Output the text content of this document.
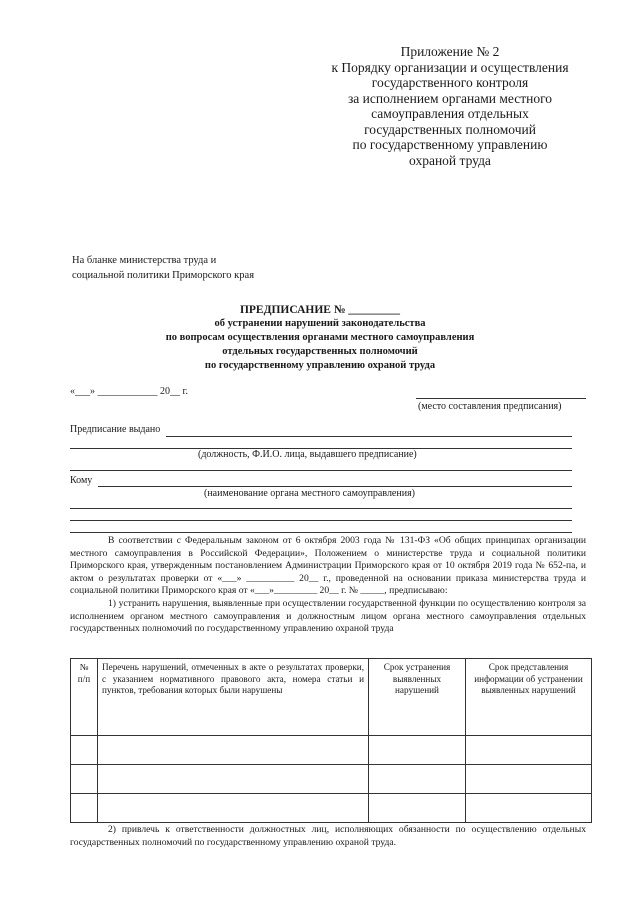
Приложение № 2
к Порядку организации и осуществления
государственного контроля
за исполнением органами местного
самоуправления отдельных
государственных полномочий
по государственному управлению
охраной труда
На бланке министерства труда и
социальной политики Приморского края
ПРЕДПИСАНИЕ № _________
об устранении нарушений законодательства
по вопросам осуществления органами местного самоуправления
отдельных государственных полномочий
по государственному управлению охраной труда
«___» ____________ 20__ г.
(место составления предписания)
Предписание выдано
(должность, Ф.И.О. лица, выдавшего предписание)
Кому
(наименование органа местного самоуправления)

В соответствии с Федеральным законом от 6 октября 2003 года № 131-ФЗ «Об общих принципах организации местного самоуправления в Российской Федерации», Положением о министерстве труда и социальной политики Приморского края, утвержденным постановлением Администрации Приморского края от 10 октября 2019 года № 652-па, и актом о результатах проверки от «___» __________ 20__ г., проведенной на основании приказа министерства труда и социальной политики Приморского края от «___»_________ 20__ г. № _____, предписываю:

1) устранить нарушения, выявленные при осуществлении государственной функции по осуществлению контроля за исполнением органом местного самоуправления и должностным лицом органа местного самоуправления отдельных государственных полномочий по государственному управлению охраной труда

№ п/п	Перечень нарушений, отмеченных в акте о результатах проверки, с указанием нормативного правового акта, номера статьи и пунктов, требования которых были нарушены	Срок устранения выявленных нарушений	Срок представления информации об устранении выявленных нарушений

2) привлечь к ответственности должностных лиц, исполняющих обязанности по осуществлению отдельных государственных полномочий по государственному управлению охраной труда.
